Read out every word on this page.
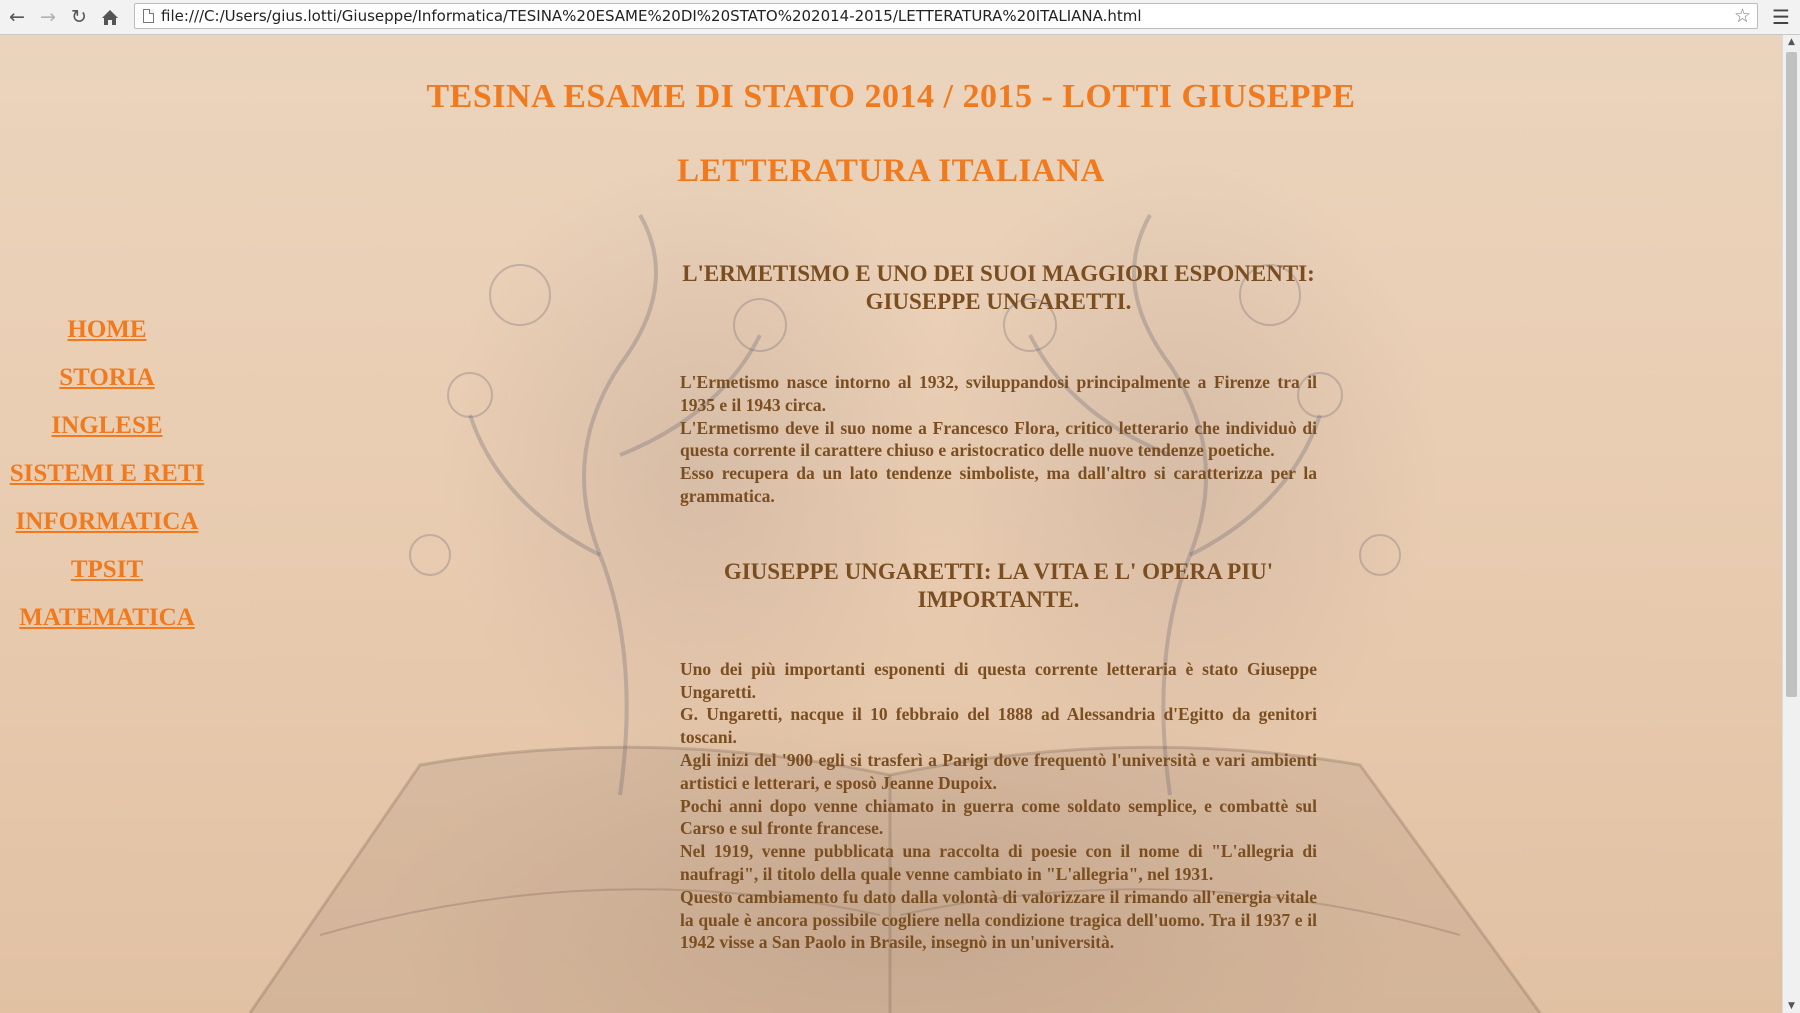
← → ↻	file:///C:/Users/gius.lotti/Giuseppe/Informatica/TESINA%20ESAME%20DI%20STATO%202014-2015/LETTERATURA%20ITALIANA.html	☆ ☰
TESINA ESAME DI STATO 2014 / 2015 - LOTTI GIUSEPPE
LETTERATURA ITALIANA
HOME
STORIA
INGLESE
SISTEMI E RETI
INFORMATICA
TPSIT
MATEMATICA
L'ERMETISMO E UNO DEI SUOI MAGGIORI ESPONENTI: GIUSEPPE UNGARETTI.
L'Ermetismo nasce intorno al 1932, sviluppandosi principalmente a Firenze tra il 1935 e il 1943 circa.
L'Ermetismo deve il suo nome a Francesco Flora, critico letterario che individuò di questa corrente il carattere chiuso e aristocratico delle nuove tendenze poetiche.
Esso recupera da un lato tendenze simboliste, ma dall'altro si caratterizza per la grammatica.
GIUSEPPE UNGARETTI: LA VITA E L' OPERA PIU' IMPORTANTE.
Uno dei più importanti esponenti di questa corrente letteraria è stato Giuseppe Ungaretti.
G. Ungaretti, nacque il 10 febbraio del 1888 ad Alessandria d'Egitto da genitori toscani.
Agli inizi del '900 egli si trasferì a Parigi dove frequentò l'università e vari ambienti artistici e letterari, e sposò Jeanne Dupoix.
Pochi anni dopo venne chiamato in guerra come soldato semplice, e combattè sul Carso e sul fronte francese.
Nel 1919, venne pubblicata una raccolta di poesie con il nome di "L'allegria di naufragi", il titolo della quale venne cambiato in "L'allegria", nel 1931.
Questo cambiamento fu dato dalla volontà di valorizzare il rimando all'energia vitale la quale è ancora possibile cogliere nella condizione tragica dell'uomo. Tra il 1937 e il 1942 visse a San Paolo in Brasile, insegnò in un'università.
▲
▼
